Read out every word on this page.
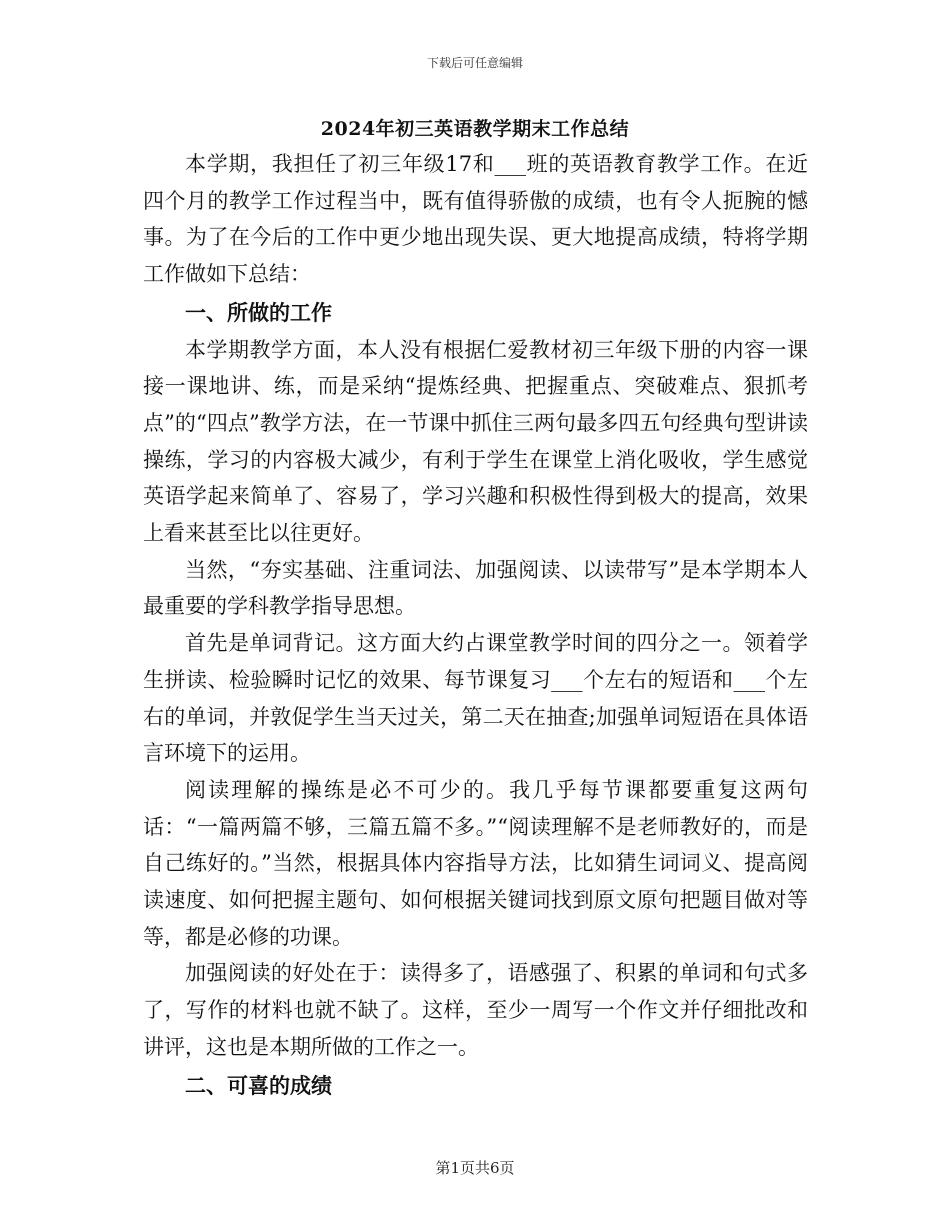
下载后可任意编辑
2024年初三英语教学期末工作总结

本学期，我担任了初三年级17和___班的英语教育教学工作。在近四个月的教学工作过程当中，既有值得骄傲的成绩，也有令人扼腕的憾事。为了在今后的工作中更少地出现失误、更大地提高成绩，特将学期工作做如下总结：

一、所做的工作

本学期教学方面，本人没有根据仁爱教材初三年级下册的内容一课接一课地讲、练，而是采纳“提炼经典、把握重点、突破难点、狠抓考点”的“四点”教学方法，在一节课中抓住三两句最多四五句经典句型讲读操练，学习的内容极大减少，有利于学生在课堂上消化吸收，学生感觉英语学起来简单了、容易了，学习兴趣和积极性得到极大的提高，效果上看来甚至比以往更好。

当然，“夯实基础、注重词法、加强阅读、以读带写”是本学期本人最重要的学科教学指导思想。

首先是单词背记。这方面大约占课堂教学时间的四分之一。领着学生拼读、检验瞬时记忆的效果、每节课复习___个左右的短语和___个左右的单词，并敦促学生当天过关，第二天在抽查;加强单词短语在具体语言环境下的运用。

阅读理解的操练是必不可少的。我几乎每节课都要重复这两句话：“一篇两篇不够，三篇五篇不多。”“阅读理解不是老师教好的，而是自己练好的。”当然，根据具体内容指导方法，比如猜生词词义、提高阅读速度、如何把握主题句、如何根据关键词找到原文原句把题目做对等等，都是必修的功课。

加强阅读的好处在于：读得多了，语感强了、积累的单词和句式多了，写作的材料也就不缺了。这样，至少一周写一个作文并仔细批改和讲评，这也是本期所做的工作之一。

二、可喜的成绩

第1页共6页
